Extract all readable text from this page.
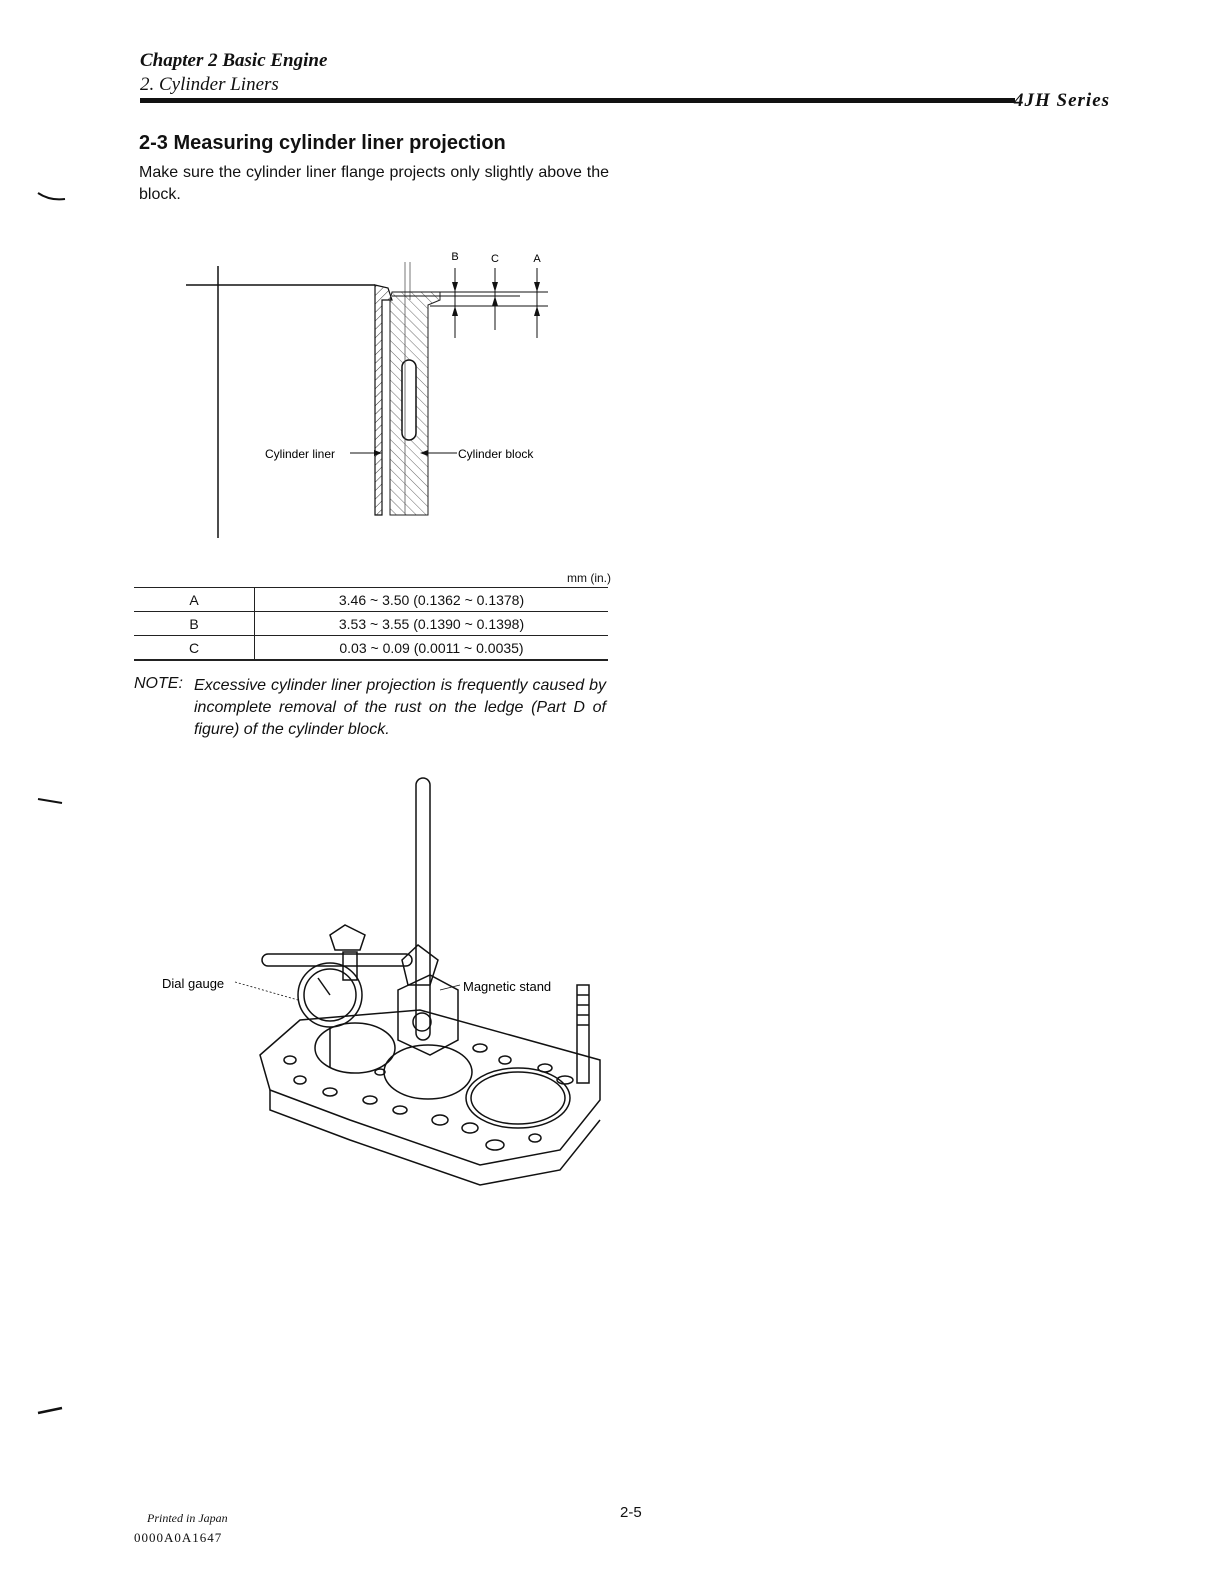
Chapter 2 Basic Engine
2. Cylinder Liners
4JH Series
2-3 Measuring cylinder liner projection
Make sure the cylinder liner flange projects only slightly above the block.
B	C	A
Cylinder liner	Cylinder block
mm (in.)
A	3.46 ~ 3.50 (0.1362 ~ 0.1378)
B	3.53 ~ 3.55 (0.1390 ~ 0.1398)
C	0.03 ~ 0.09 (0.0011 ~ 0.0035)
NOTE: Excessive cylinder liner projection is frequently caused by incomplete removal of the rust on the ledge (Part D of figure) of the cylinder block.
Dial gauge	Magnetic stand
Printed in Japan
0000A0A1647
2-5
